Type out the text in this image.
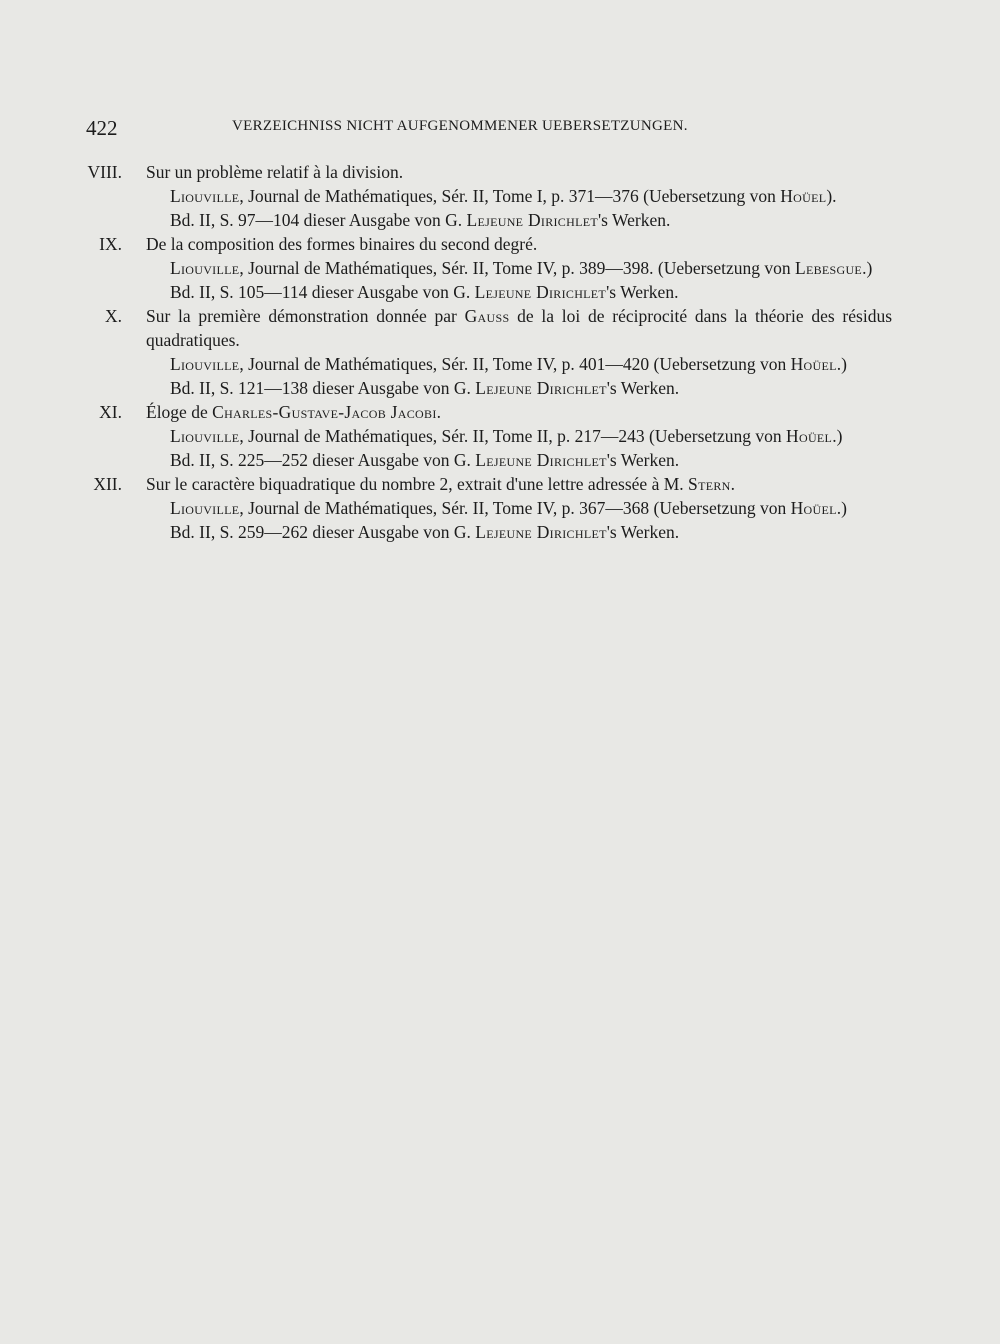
422	VERZEICHNISS NICHT AUFGENOMMENER UEBERSETZUNGEN.
VIII. Sur un problème relatif à la division.
Liouville, Journal de Mathématiques, Sér. II, Tome I, p. 371—376 (Uebersetzung von Hoüel).
Bd. II, S. 97—104 dieser Ausgabe von G. Lejeune Dirichlet's Werken.
IX. De la composition des formes binaires du second degré.
Liouville, Journal de Mathématiques, Sér. II, Tome IV, p. 389—398. (Uebersetzung von Lebesgue.)
Bd. II, S. 105—114 dieser Ausgabe von G. Lejeune Dirichlet's Werken.
X. Sur la première démonstration donnée par Gauss de la loi de réciprocité dans la théorie des résidus quadratiques.
Liouville, Journal de Mathématiques, Sér. II, Tome IV, p. 401—420 (Uebersetzung von Hoüel.)
Bd. II, S. 121—138 dieser Ausgabe von G. Lejeune Dirichlet's Werken.
XI. Éloge de Charles-Gustave-Jacob Jacobi.
Liouville, Journal de Mathématiques, Sér. II, Tome II, p. 217—243 (Uebersetzung von Hoüel.)
Bd. II, S. 225—252 dieser Ausgabe von G. Lejeune Dirichlet's Werken.
XII. Sur le caractère biquadratique du nombre 2, extrait d'une lettre adressée à M. Stern.
Liouville, Journal de Mathématiques, Sér. II, Tome IV, p. 367—368 (Uebersetzung von Hoüel.)
Bd. II, S. 259—262 dieser Ausgabe von G. Lejeune Dirichlet's Werken.
